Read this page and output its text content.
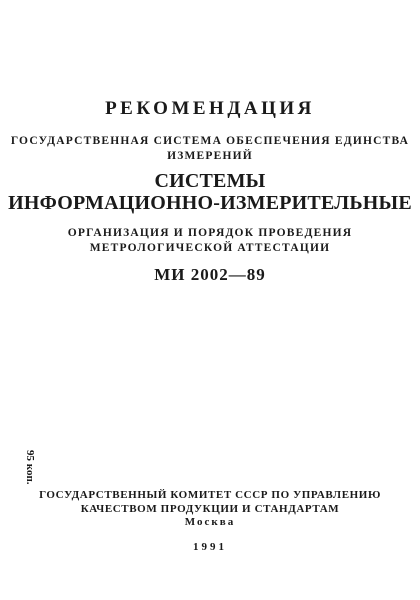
РЕКОМЕНДАЦИЯ
ГОСУДАРСТВЕННАЯ СИСТЕМА ОБЕСПЕЧЕНИЯ ЕДИНСТВА
ИЗМЕРЕНИЙ
СИСТЕМЫ
ИНФОРМАЦИОННО-ИЗМЕРИТЕЛЬНЫЕ
ОРГАНИЗАЦИЯ И ПОРЯДОК ПРОВЕДЕНИЯ
МЕТРОЛОГИЧЕСКОЙ АТТЕСТАЦИИ
МИ 2002—89
95 коп.
ГОСУДАРСТВЕННЫЙ КОМИТЕТ СССР ПО УПРАВЛЕНИЮ
КАЧЕСТВОМ ПРОДУКЦИИ И СТАНДАРТАМ
Москва
1991
